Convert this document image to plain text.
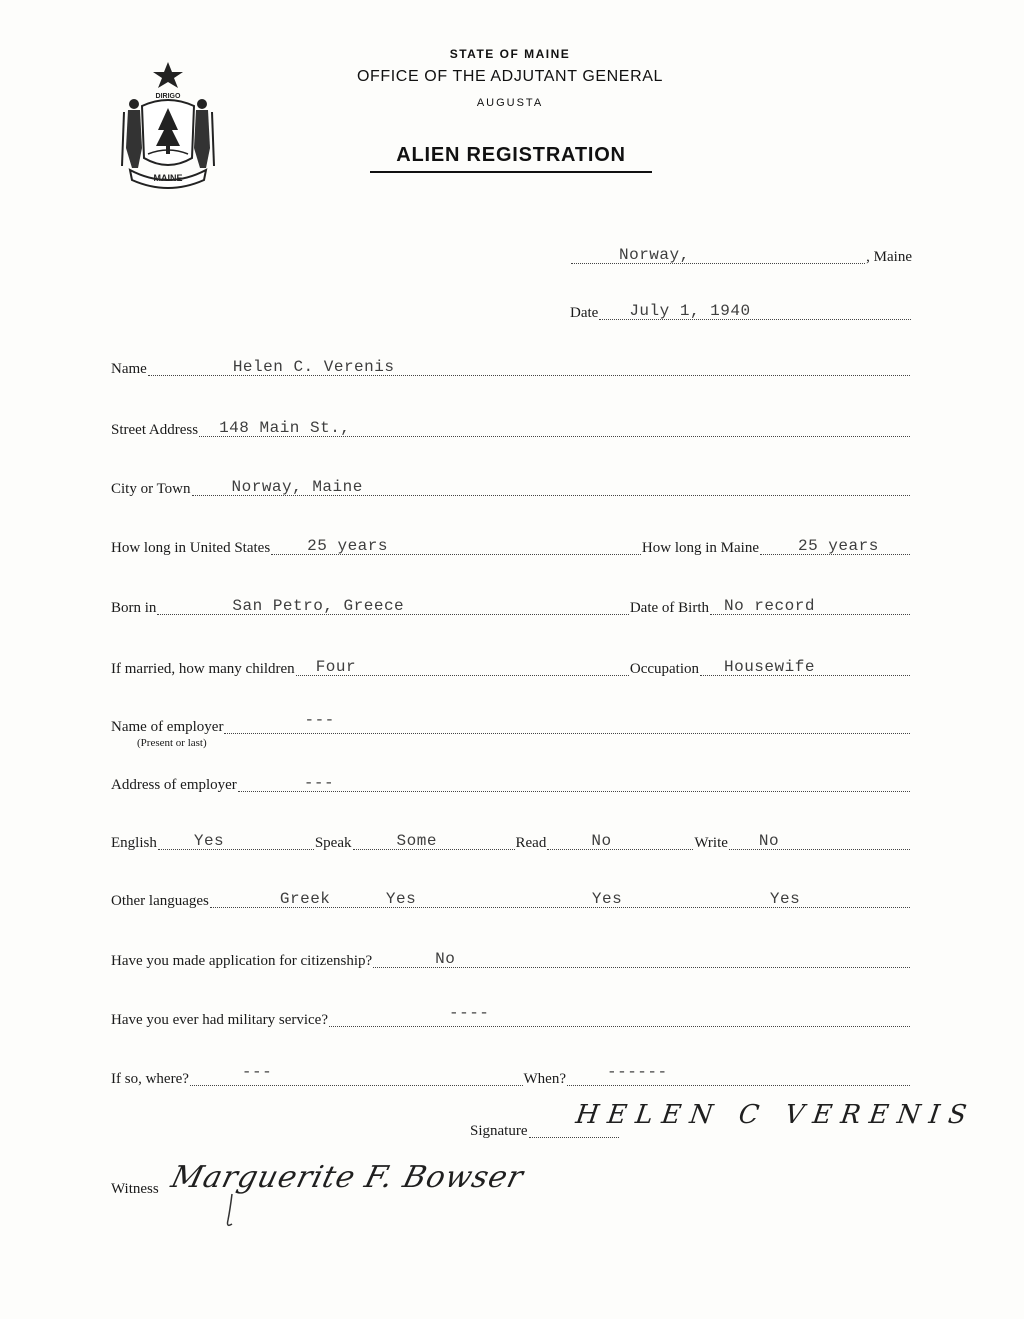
DIRIGO
MAINE
STATE OF MAINE
OFFICE OF THE ADJUTANT GENERAL
AUGUSTA
ALIEN REGISTRATION
Norway,	, Maine
Date July 1, 1940
Name	Helen C. Verenis
Street Address 148 Main St.,
City or Town	Norway, Maine
How long in United States 25 years	How long in Maine 25 years
Born in	San Petro, Greece	Date of Birth No record
If married, how many children Four	Occupation Housewife
Name of employer	---
(Present or last)
Address of employer	---
English Yes	Speak	Some	Read	No	Write No
Other languages	Greek	Yes	Yes	Yes
Have you made application for citizenship?	No
Have you ever had military service?	----
If so, where?	---	When?	------
Signature
HELEN C VERENIS
Witness Marguerite F. Bowser
